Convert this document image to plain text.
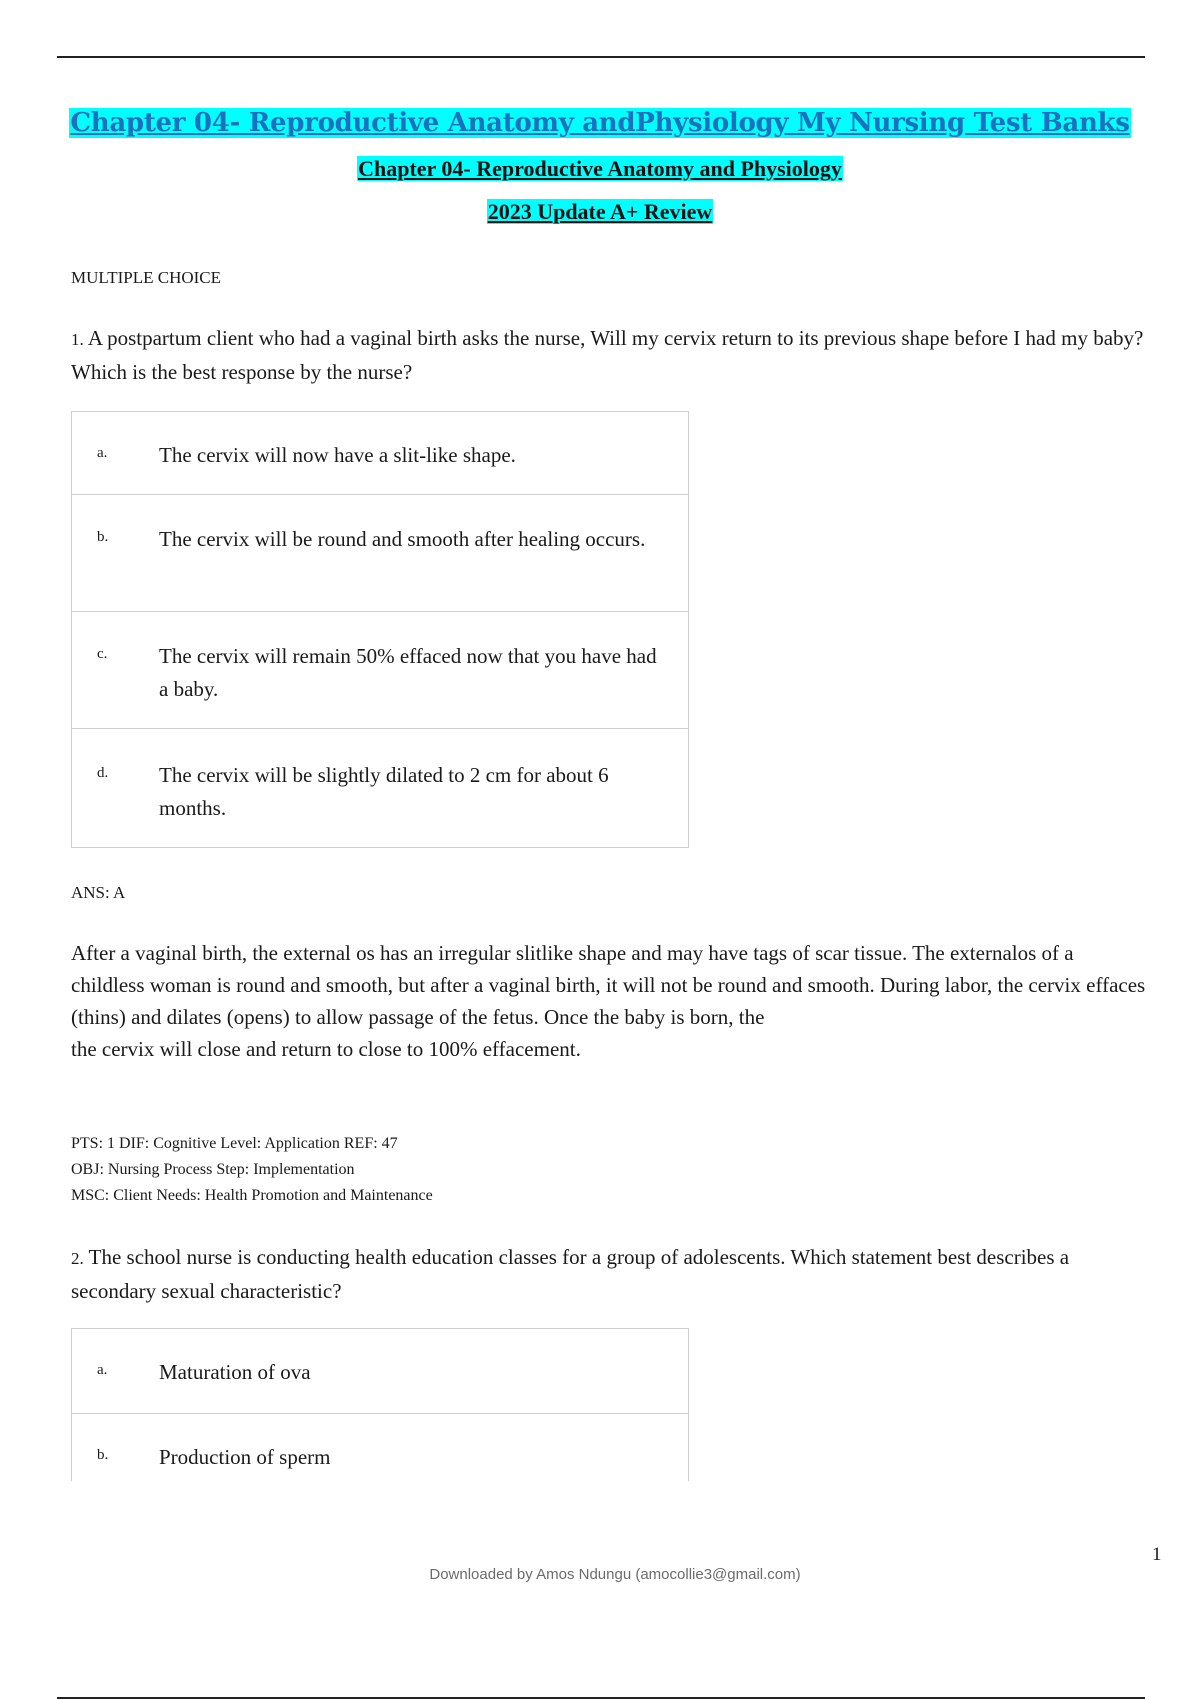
Chapter 04- Reproductive Anatomy andPhysiology My Nursing Test Banks
Chapter 04- Reproductive Anatomy and Physiology
2023 Update A+ Review
MULTIPLE CHOICE
1. A postpartum client who had a vaginal birth asks the nurse, Will my cervix return to its previous shape before I had my baby? Which is the best response by the nurse?
a.	The cervix will now have a slit-like shape.
b.	The cervix will be round and smooth after healing occurs.
c.	The cervix will remain 50% effaced now that you have had a baby.
d.	The cervix will be slightly dilated to 2 cm for about 6 months.
ANS: A

After a vaginal birth, the external os has an irregular slitlike shape and may have tags of scar tissue. The externalos of a childless woman is round and smooth, but after a vaginal birth, it will not be round and smooth. During labor, the cervix effaces (thins) and dilates (opens) to allow passage of the fetus. Once the baby is born, the

the cervix will close and return to close to 100% effacement.

PTS: 1 DIF: Cognitive Level: Application REF: 47
OBJ: Nursing Process Step: Implementation
MSC: Client Needs: Health Promotion and Maintenance
2. The school nurse is conducting health education classes for a group of adolescents. Which statement best describes a secondary sexual characteristic?
a.	Maturation of ova
b.	Production of sperm
1
Downloaded by Amos Ndungu (amocollie3@gmail.com)
